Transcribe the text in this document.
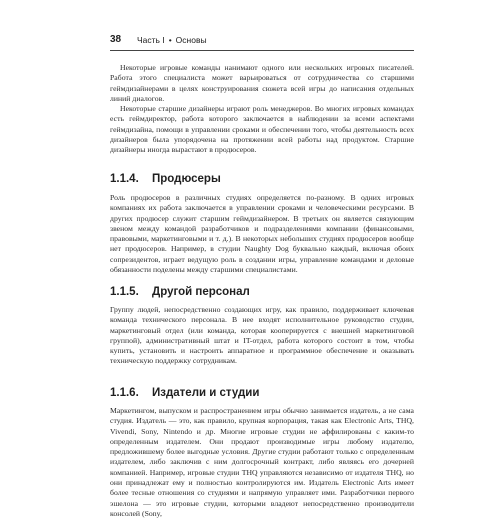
38 Часть I • Основы

Некоторые игровые команды нанимают одного или нескольких игровых писателей. Работа этого специалиста может варьироваться от сотрудничества со старшими геймдизайнерами в целях конструирования сюжета всей игры до написания отдельных линий диалогов.

Некоторые старшие дизайнеры играют роль менеджеров. Во многих игровых командах есть геймдиректор, работа которого заключается в наблюдении за всеми аспектами геймдизайна, помощи в управлении сроками и обеспечении того, чтобы деятельность всех дизайнеров была упорядочена на протяжении всей работы над продуктом. Старшие дизайнеры иногда вырастают в продюсеров.

1.1.4. Продюсеры

Роль продюсеров в различных студиях определяется по-разному. В одних игровых компаниях их работа заключается в управлении сроками и человеческими ресурсами. В других продюсер служит старшим геймдизайнером. В третьих он является связующим звеном между командой разработчиков и подразделениями компании (финансовыми, правовыми, маркетинговыми и т. д.). В некоторых небольших студиях продюсеров вообще нет продюсеров. Например, в студии Naughty Dog буквально каждый, включая обоих сопрезидентов, играет ведущую роль в создании игры, управление командами и деловые обязанности поделены между старшими специалистами.

1.1.5. Другой персонал

Группу людей, непосредственно создающих игру, как правило, поддерживает ключевая команда технического персонала. В нее входят исполнительное руководство студии, маркетинговый отдел (или команда, которая кооперируется с внешней маркетинговой группой), административный штат и IT-отдел, работа которого состоит в том, чтобы купить, установить и настроить аппаратное и программное обеспечение и оказывать техническую поддержку сотрудникам.

1.1.6. Издатели и студии

Маркетингом, выпуском и распространением игры обычно занимается издатель, а не сама студия. Издатель — это, как правило, крупная корпорация, такая как Electronic Arts, THQ, Vivendi, Sony, Nintendo и др. Многие игровые студии не аффилированы с каким-то определенным издателем. Они продают производимые игры любому издателю, предложившему более выгодные условия. Другие студии работают только с определенным издателем, либо заключив с ним долгосрочный контракт, либо являясь его дочерней компанией. Например, игровые студии THQ управляются независимо от издателя THQ, но они принадлежат ему и полностью контролируются им. Издатель Electronic Arts имеет более тесные отношения со студиями и напрямую управляет ими. Разработчики первого эшелона — это игровые студии, которыми владеют непосредственно производители консолей (Sony,
